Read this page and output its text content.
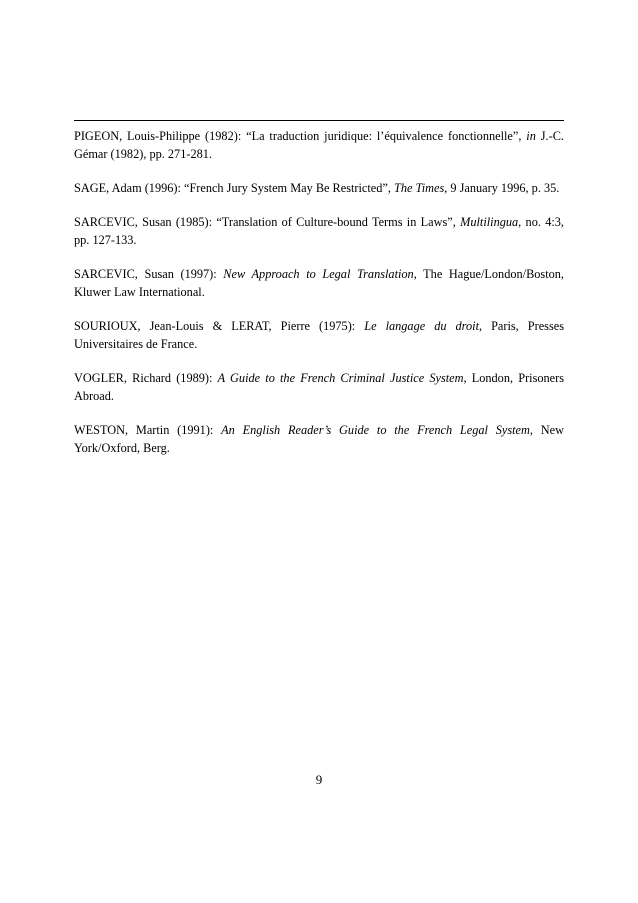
PIGEON, Louis-Philippe (1982): “La traduction juridique: l’équivalence fonctionnelle”, in J.-C. Gémar (1982), pp. 271-281.

SAGE, Adam (1996): “French Jury System May Be Restricted”, The Times, 9 January 1996, p. 35.

SARCEVIC, Susan (1985): “Translation of Culture-bound Terms in Laws”, Multilingua, no. 4:3, pp. 127-133.

SARCEVIC, Susan (1997): New Approach to Legal Translation, The Hague/London/Boston, Kluwer Law International.

SOURIOUX, Jean-Louis & LERAT, Pierre (1975): Le langage du droit, Paris, Presses Universitaires de France.

VOGLER, Richard (1989): A Guide to the French Criminal Justice System, London, Prisoners Abroad.

WESTON, Martin (1991): An English Reader’s Guide to the French Legal System, New York/Oxford, Berg.

9
